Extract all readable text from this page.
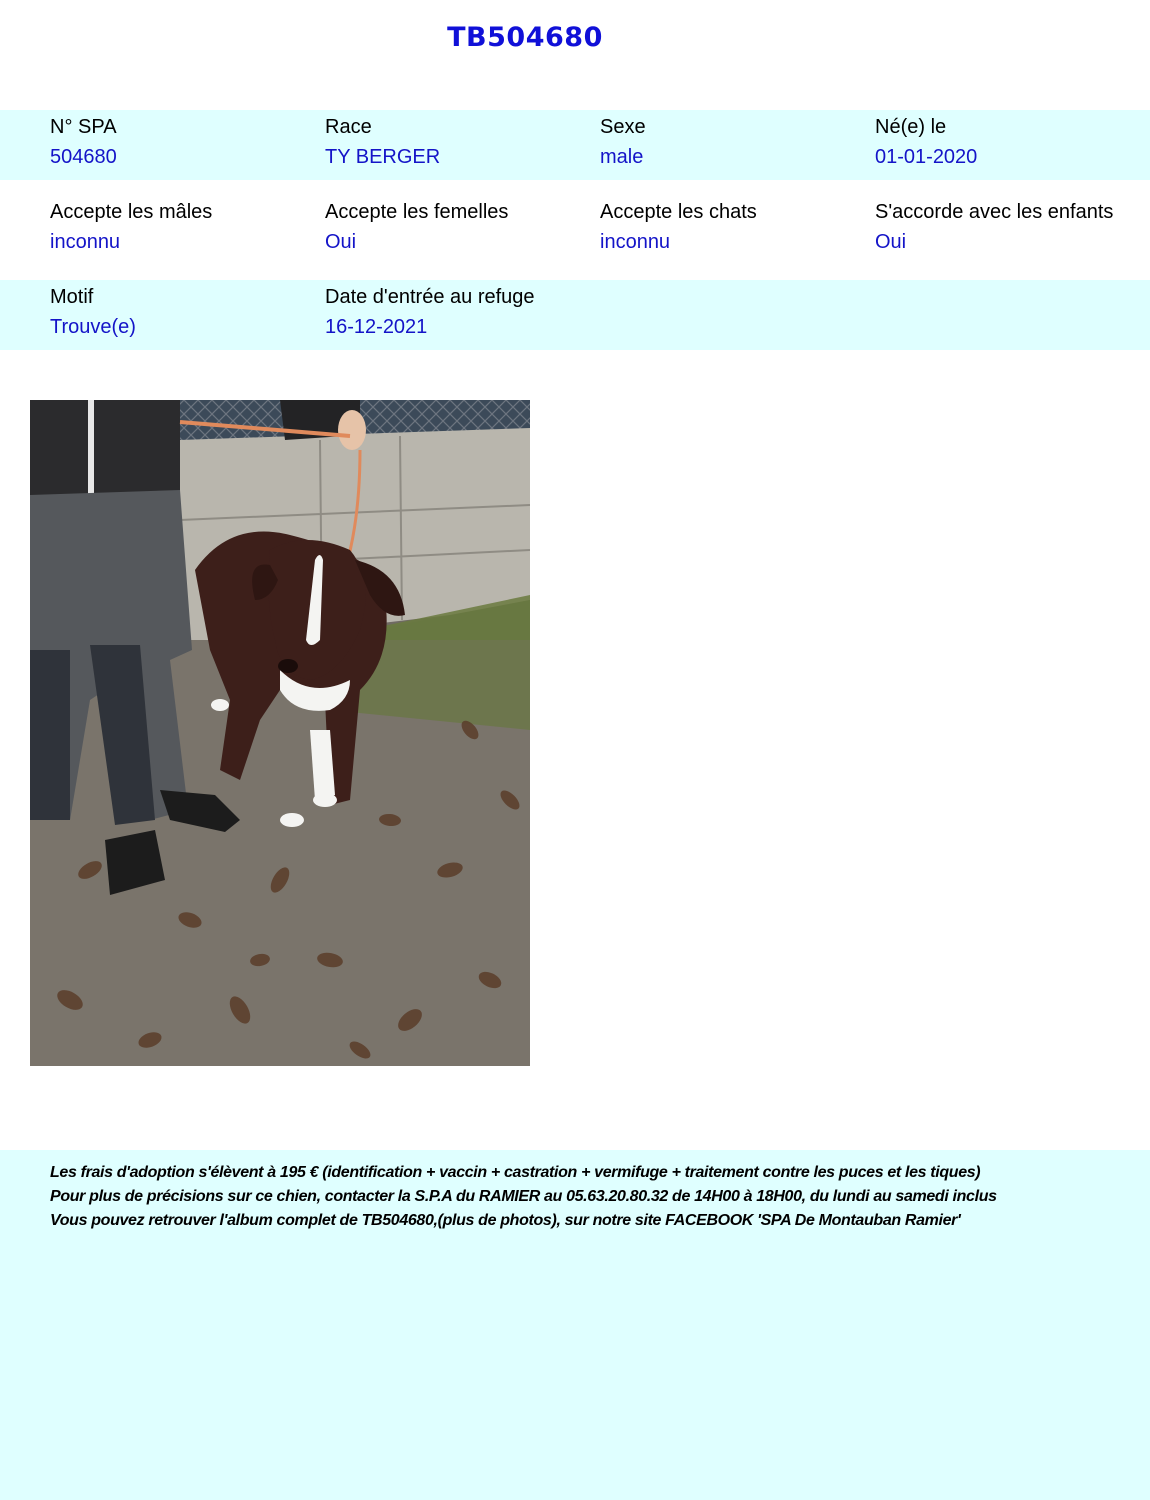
TB504680
N° SPA
504680
Race
TY BERGER
Sexe
male
Né(e) le
01-01-2020
Accepte les mâles
inconnu
Accepte les femelles
Oui
Accepte les chats
inconnu
S'accorde avec les enfants
Oui
Motif
Trouve(e)
Date d'entrée au refuge
16-12-2021
Les frais d'adoption s'élèvent à 195 € (identification + vaccin + castration + vermifuge + traitement contre les puces et les tiques)
Pour plus de précisions sur ce chien, contacter la S.P.A du RAMIER au 05.63.20.80.32 de 14H00 à 18H00, du lundi au samedi inclus
Vous pouvez retrouver l'album complet de TB504680,(plus de photos), sur notre site FACEBOOK 'SPA De Montauban Ramier'
